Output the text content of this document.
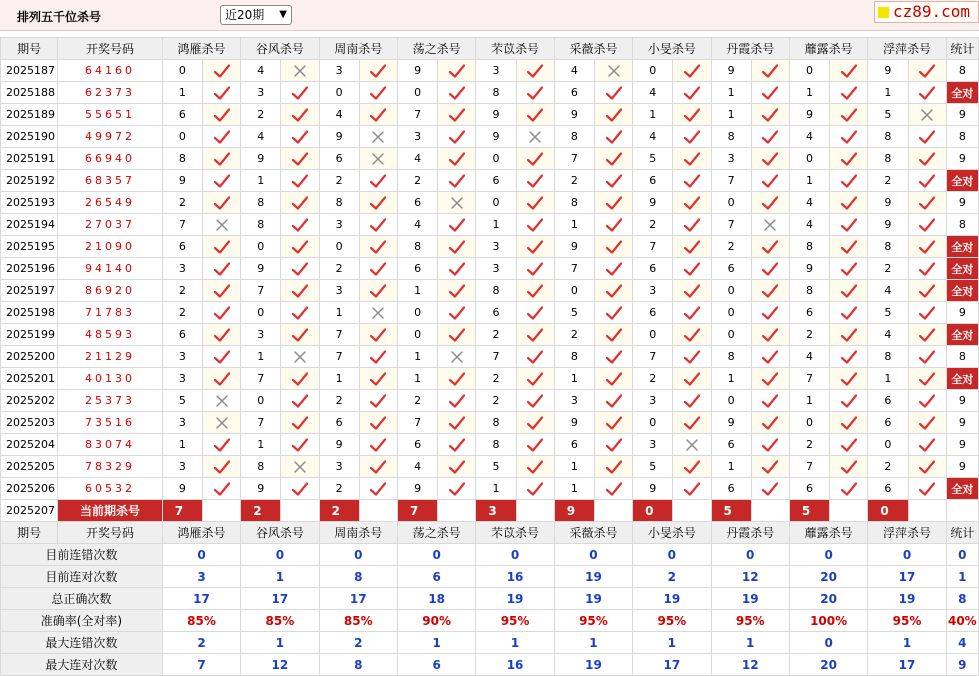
排列五千位杀号	近20期 ▼	cz89.com
期号	开奖号码	鸿雁杀号		谷风杀号		周南杀号		荡之杀号		芣苡杀号		采薇杀号		小旻杀号		丹霞杀号		蘼露杀号		浮萍杀号		统计
2025187	64160	0		4		3		9		3		4		0		9		0		9		8
2025188	62373	1		3		0		0		8		6		4		1		1		1		全对
2025189	55651	6		2		4		7		9		9		1		1		9		5		9
2025190	49972	0		4		9		3		9		8		4		8		4		8		8
2025191	66940	8		9		6		4		0		7		5		3		0		8		9
2025192	68357	9		1		2		2		6		2		6		7		1		2		全对
2025193	26549	2		8		8		6		0		8		9		0		4		9		9
2025194	27037	7		8		3		4		1		1		2		7		4		9		8
2025195	21090	6		0		0		8		3		9		7		2		8		8		全对
2025196	94140	3		9		2		6		3		7		6		6		9		2		全对
2025197	86920	2		7		3		1		8		0		3		0		8		4		全对
2025198	71783	2		0		1		0		6		5		6		0		6		5		9
2025199	48593	6		3		7		0		2		2		0		0		2		4		全对
2025200	21129	3		1		7		1		7		8		7		8		4		8		8
2025201	40130	3		7		1		1		2		1		2		1		7		1		全对
2025202	25373	5		0		2		2		2		3		3		0		1		6		9
2025203	73516	3		7		6		7		8		9		0		9		0		6		9
2025204	83074	1		1		9		6		8		6		3		6		2		0		9
2025205	78329	3		8		3		4		5		1		5		1		7		2		9
2025206	60532	9		9		2		9		1		1		9		6		6		6		全对
2025207	当前期杀号	7		2		2		7		3		9		0		5		5		0		
期号	开奖号码	鸿雁杀号		谷风杀号		周南杀号		荡之杀号		芣苡杀号		采薇杀号		小旻杀号		丹霞杀号		蘼露杀号		浮萍杀号		统计
目前连错次数		0		0		0		0		0		0		0		0		0		0		0
目前连对次数		3		1		8		6		16		19		2		12		20		17		1
总正确次数		17		17		17		18		19		19		19		19		20		19		8
准确率(全对率)		85%		85%		85%		90%		95%		95%		95%		95%		100%		95%		40%
最大连错次数		2		1		2		1		1		1		1		1		0		1		4
最大连对次数		7		12		8		6		16		19		17		12		20		17		9
